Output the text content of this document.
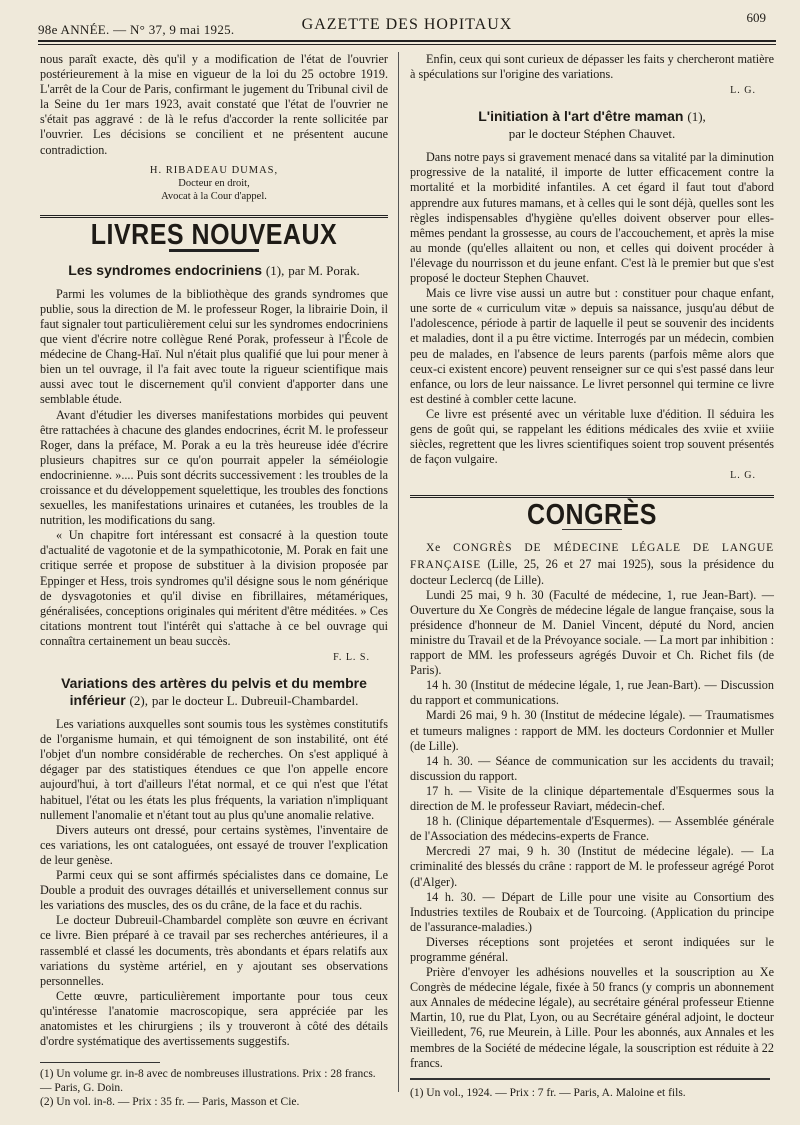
98e ANNÉE. — N° 37, 9 mai 1925.	GAZETTE DES HOPITAUX	609

nous paraît exacte, dès qu'il y a modification de l'état de l'ouvrier postérieurement à la mise en vigueur de la loi du 25 octobre 1919. L'arrêt de la Cour de Paris, confirmant le jugement du Tribunal civil de la Seine du 1er mars 1923, avait constaté que l'état de l'ouvrier ne s'était pas aggravé : de là le refus d'accorder la rente sollicitée par l'ouvrier. Les décisions se concilient et ne présentent aucune contradiction.

H. RIBADEAU DUMAS,
Docteur en droit,
Avocat à la Cour d'appel.
LIVRES NOUVEAUX
Les syndromes endocriniens (1), par M. Porak.

Parmi les volumes de la bibliothèque des grands syndromes que publie, sous la direction de M. le professeur Roger, la librairie Doin, il faut signaler tout particulièrement celui sur les syndromes endocriniens que vient d'écrire notre collègue René Porak, professeur à l'École de médecine de Chang-Haï. Nul n'était plus qualifié que lui pour mener à bien un tel ouvrage, il l'a fait avec toute la rigueur scientifique mais aussi avec tout le discernement qu'il convient d'apporter dans une semblable étude.

Avant d'étudier les diverses manifestations morbides qui peuvent être rattachées à chacune des glandes endocrines, écrit M. le professeur Roger, dans la préface, M. Porak a eu la très heureuse idée d'écrire plusieurs chapitres sur ce qu'on pourrait appeler la séméiologie endocrinienne. ».... Puis sont décrits successivement : les troubles de la croissance et du développement squelettique, les troubles des fonctions sexuelles, les manifestations urinaires et cutanées, les troubles de la nutrition, les modifications du sang.

« Un chapitre fort intéressant est consacré à la question toute d'actualité de vagotonie et de la sympathicotonie, M. Porak en fait une critique serrée et propose de substituer à la division proposée par Eppinger et Hess, trois syndromes qu'il désigne sous le nom générique de dysvagotonies et qu'il divise en fibrillaires, métamériques, généralisées, conceptions originales qui méritent d'être méditées. » Ces citations montrent tout l'intérêt qui s'attache à ce bel ouvrage qui connaîtra certainement un beau succès.

F. L. S.
Variations des artères du pelvis et du membre inférieur (2), par le docteur L. Dubreuil-Chambardel.

Les variations auxquelles sont soumis tous les systèmes constitutifs de l'organisme humain, et qui témoignent de son instabilité, ont été l'objet d'un nombre considérable de recherches. On s'est appliqué à dégager par des statistiques étendues ce que l'on appelle encore aujourd'hui, à tort d'ailleurs l'état normal, et ce qui n'est que l'état habituel, l'état ou les états les plus fréquents, la variation n'impliquant nullement l'anomalie et n'étant tout au plus qu'une anomalie relative.

Divers auteurs ont dressé, pour certains systèmes, l'inventaire de ces variations, les ont cataloguées, ont essayé de trouver l'explication de leur genèse.

Parmi ceux qui se sont affirmés spécialistes dans ce domaine, Le Double a produit des ouvrages détaillés et universellement connus sur les variations des muscles, des os du crâne, de la face et du rachis.

Le docteur Dubreuil-Chambardel complète son œuvre en écrivant ce livre. Bien préparé à ce travail par ses recherches antérieures, il a rassemblé et classé les documents, très abondants et épars relatifs aux variations du système artériel, en y ajoutant ses observations personnelles.

Cette œuvre, particulièrement importante pour tous ceux qu'intéresse l'anatomie macroscopique, sera appréciée par les anatomistes et les chirurgiens ; ils y trouveront à côté des détails d'ordre systématique des avertissements suggestifs.

(1) Un volume gr. in-8 avec de nombreuses illustrations. Prix : 28 francs. — Paris, G. Doin.
(2) Un vol. in-8. — Prix : 35 fr. — Paris, Masson et Cie.

Enfin, ceux qui sont curieux de dépasser les faits y chercheront matière à spéculations sur l'origine des variations.

L. G.
L'initiation à l'art d'être maman (1),
par le docteur Stéphen Chauvet.

Dans notre pays si gravement menacé dans sa vitalité par la diminution progressive de la natalité, il importe de lutter efficacement contre la mortalité et la morbidité infantiles. A cet égard il faut tout d'abord apprendre aux futures mamans, et à celles qui le sont déjà, quelles sont les règles indispensables d'hygiène qu'elles doivent observer pour elles-mêmes pendant la grossesse, au cours de l'accouchement, et après la mise au monde (qu'elles allaitent ou non, et celles qui doivent procéder à l'élevage du nourrisson et du jeune enfant. C'est là le premier but que s'est proposé le docteur Stephen Chauvet.

Mais ce livre vise aussi un autre but : constituer pour chaque enfant, une sorte de « curriculum vitæ » depuis sa naissance, jusqu'au début de l'adolescence, période à partir de laquelle il peut se souvenir des incidents et maladies, dont il a pu être victime. Interrogés par un médecin, combien peu de malades, en l'absence de leurs parents (parfois même alors que ceux-ci existent encore) peuvent renseigner sur ce qui s'est passé dans leur enfance, ou lors de leur naissance. Le livret personnel qui termine ce livre est destiné à combler cette lacune.

Ce livre est présenté avec un véritable luxe d'édition. Il séduira les gens de goût qui, se rappelant les éditions médicales des xviie et xviiie siècles, regrettent que les livres scientifiques soient trop souvent présentés de façon vulgaire.

L. G.
CONGRÈS

Xe CONGRÈS DE MÉDECINE LÉGALE DE LANGUE FRANÇAISE (Lille, 25, 26 et 27 mai 1925), sous la présidence du docteur Leclercq (de Lille).

Lundi 25 mai, 9 h. 30 (Faculté de médecine, 1, rue Jean-Bart). — Ouverture du Xe Congrès de médecine légale de langue française, sous la présidence d'honneur de M. Daniel Vincent, député du Nord, ancien ministre du Travail et de la Prévoyance sociale. — La mort par inhibition : rapport de MM. les professeurs agrégés Duvoir et Ch. Richet fils (de Paris).

14 h. 30 (Institut de médecine légale, 1, rue Jean-Bart). — Discussion du rapport et communications.

Mardi 26 mai, 9 h. 30 (Institut de médecine légale). — Traumatismes et tumeurs malignes : rapport de MM. les docteurs Cordonnier et Muller (de Lille).

14 h. 30. — Séance de communication sur les accidents du travail; discussion du rapport.

17 h. — Visite de la clinique départementale d'Esquermes sous la direction de M. le professeur Raviart, médecin-chef.

18 h. (Clinique départementale d'Esquermes). — Assemblée générale de l'Association des médecins-experts de France.

Mercredi 27 mai, 9 h. 30 (Institut de médecine légale). — La criminalité des blessés du crâne : rapport de M. le professeur agrégé Porot (d'Alger).

14 h. 30. — Départ de Lille pour une visite au Consortium des Industries textiles de Roubaix et de Tourcoing. (Application du principe de l'assurance-maladies.)

Diverses réceptions sont projetées et seront indiquées sur le programme général.

Prière d'envoyer les adhésions nouvelles et la souscription au Xe Congrès de médecine légale, fixée à 50 francs (y compris un abonnement aux Annales de médecine légale), au secrétaire général professeur Etienne Martin, 10, rue du Plat, Lyon, ou au Secrétaire général adjoint, le docteur Vieilledent, 76, rue Meurein, à Lille. Pour les abonnés, aux Annales et les membres de la Société de médecine légale, la souscription est réduite à 22 francs.

(1) Un vol., 1924. — Prix : 7 fr. — Paris, A. Maloine et fils.
